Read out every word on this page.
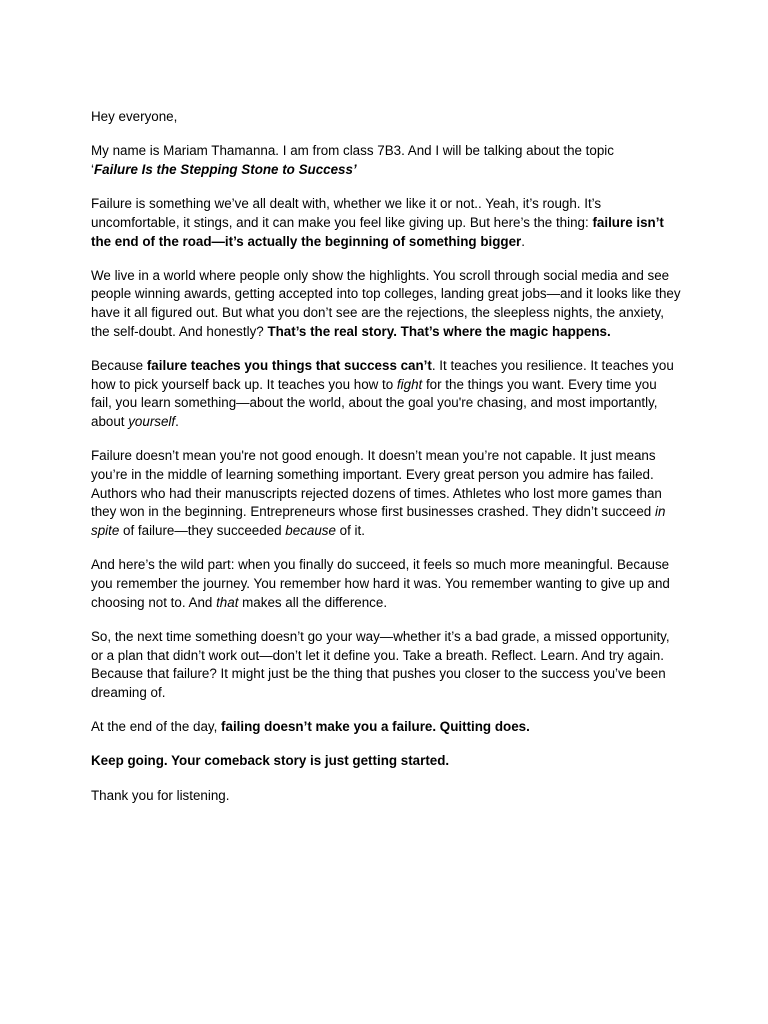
Hey everyone,

My name is Mariam Thamanna. I am from class 7B3. And I will be talking about the topic
‘Failure Is the Stepping Stone to Success’

Failure is something we’ve all dealt with, whether we like it or not.. Yeah, it’s rough. It’s uncomfortable, it stings, and it can make you feel like giving up. But here’s the thing: failure isn’t the end of the road—it’s actually the beginning of something bigger.

We live in a world where people only show the highlights. You scroll through social media and see people winning awards, getting accepted into top colleges, landing great jobs—and it looks like they have it all figured out. But what you don’t see are the rejections, the sleepless nights, the anxiety, the self-doubt. And honestly? That’s the real story. That’s where the magic happens.

Because failure teaches you things that success can’t. It teaches you resilience. It teaches you how to pick yourself back up. It teaches you how to fight for the things you want. Every time you fail, you learn something—about the world, about the goal you're chasing, and most importantly, about yourself.

Failure doesn’t mean you're not good enough. It doesn’t mean you’re not capable. It just means you’re in the middle of learning something important. Every great person you admire has failed. Authors who had their manuscripts rejected dozens of times. Athletes who lost more games than they won in the beginning. Entrepreneurs whose first businesses crashed. They didn’t succeed in spite of failure—they succeeded because of it.

And here’s the wild part: when you finally do succeed, it feels so much more meaningful. Because you remember the journey. You remember how hard it was. You remember wanting to give up and choosing not to. And that makes all the difference.

So, the next time something doesn’t go your way—whether it’s a bad grade, a missed opportunity, or a plan that didn’t work out—don’t let it define you. Take a breath. Reflect. Learn. And try again. Because that failure? It might just be the thing that pushes you closer to the success you’ve been dreaming of.

At the end of the day, failing doesn’t make you a failure. Quitting does.

Keep going. Your comeback story is just getting started.

Thank you for listening.
